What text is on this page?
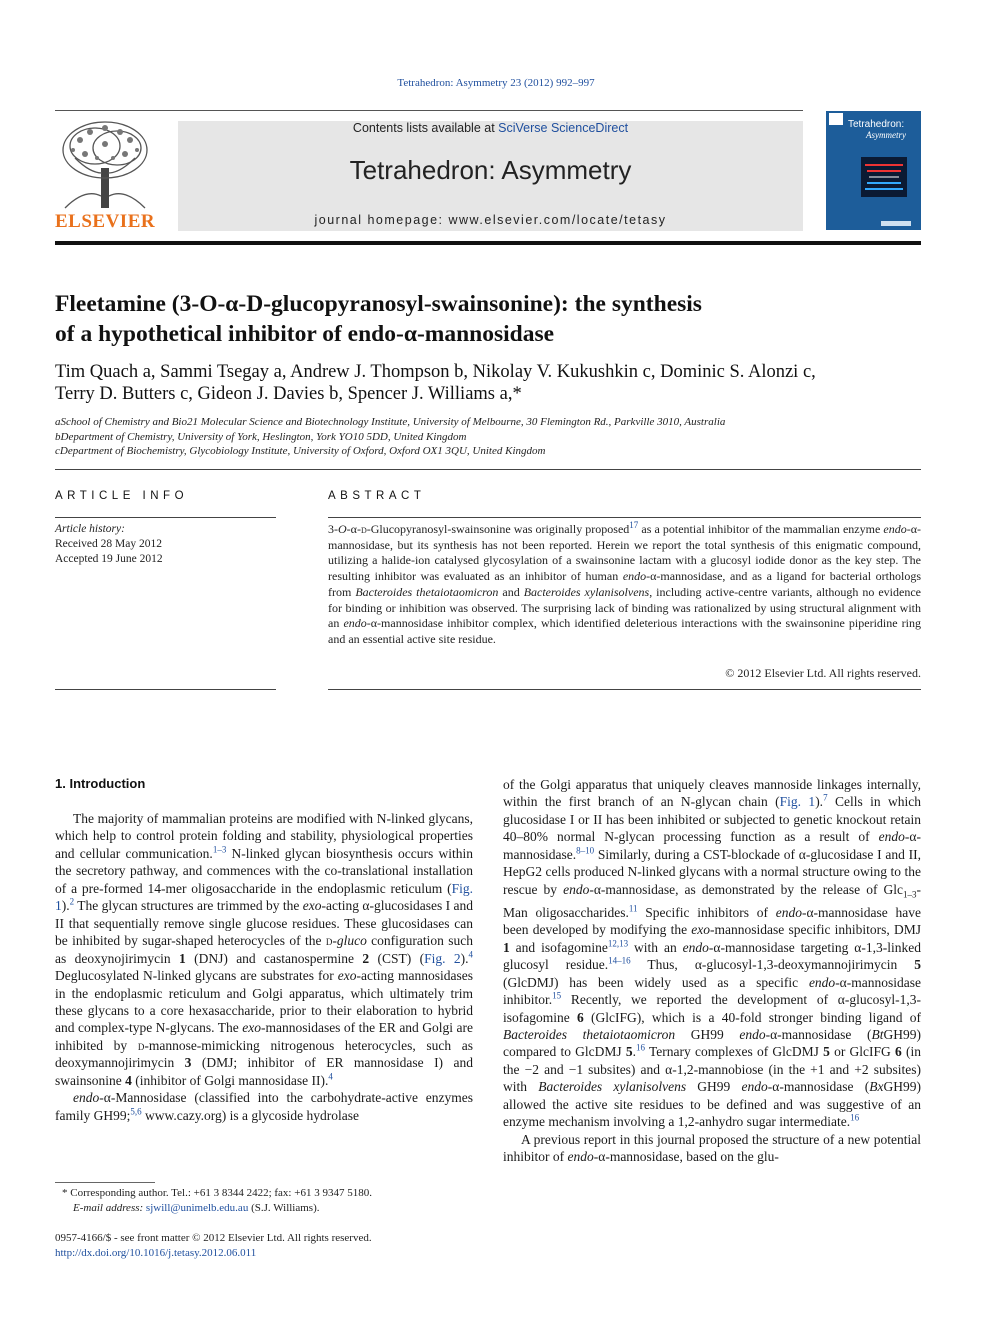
Tetrahedron: Asymmetry 23 (2012) 992–997
ELSEVIER
Contents lists available at SciVerse ScienceDirect
Tetrahedron: Asymmetry
journal homepage: www.elsevier.com/locate/tetasy
Tetrahedron:
Asymmetry
Fleetamine (3-O-α-D-glucopyranosyl-swainsonine): the synthesis
of a hypothetical inhibitor of endo-α-mannosidase
Tim Quach a, Sammi Tsegay a, Andrew J. Thompson b, Nikolay V. Kukushkin c, Dominic S. Alonzi c,
Terry D. Butters c, Gideon J. Davies b, Spencer J. Williams a,*
aSchool of Chemistry and Bio21 Molecular Science and Biotechnology Institute, University of Melbourne, 30 Flemington Rd., Parkville 3010, Australia
bDepartment of Chemistry, University of York, Heslington, York YO10 5DD, United Kingdom
cDepartment of Biochemistry, Glycobiology Institute, University of Oxford, Oxford OX1 3QU, United Kingdom
ARTICLE INFO	ABSTRACT
Article history:
Received 28 May 2012
Accepted 19 June 2012
3-O-α-d-Glucopyranosyl-swainsonine was originally proposed$^{17}$ as a potential inhibitor of the mammalian enzyme endo-α-mannosidase, but its synthesis has not been reported. Herein we report the total synthesis of this enigmatic compound, utilizing a halide-ion catalysed glycosylation of a swainsonine lactam with a glucosyl iodide donor as the key step. The resulting inhibitor was evaluated as an inhibitor of human endo-α-mannosidase, and as a ligand for bacterial orthologs from Bacteroides thetaiotaomicron and Bacteroides xylanisolvens, including active-centre variants, although no evidence for binding or inhibition was observed. The surprising lack of binding was rationalized by using structural alignment with an endo-α-mannosidase inhibitor complex, which identified deleterious interactions with the swainsonine piperidine ring and an essential active site residue.
© 2012 Elsevier Ltd. All rights reserved.
1. Introduction

The majority of mammalian proteins are modified with N-linked glycans, which help to control protein folding and stability, physiological properties and cellular communication.$^{1-3}$ N-linked glycan biosynthesis occurs within the secretory pathway, and commences with the co-translational installation of a pre-formed 14-mer oligosaccharide in the endoplasmic reticulum (Fig. 1).$^2$ The glycan structures are trimmed by the exo-acting α-glucosidases I and II that sequentially remove single glucose residues. These glucosidases can be inhibited by sugar-shaped heterocycles of the d-gluco configuration such as deoxynojirimycin 1 (DNJ) and castanospermine 2 (CST) (Fig. 2).$^4$ Deglucosylated N-linked glycans are substrates for exo-acting mannosidases in the endoplasmic reticulum and Golgi apparatus, which ultimately trim these glycans to a core hexasaccharide, prior to their elaboration to hybrid and complex-type N-glycans. The exo-mannosidases of the ER and Golgi are inhibited by d-mannose-mimicking nitrogenous heterocycles, such as deoxymannojirimycin 3 (DMJ; inhibitor of ER mannosidase I) and swainsonine 4 (inhibitor of Golgi mannosidase II).$^4$

endo-α-Mannosidase (classified into the carbohydrate-active enzymes family GH99;$^{5,6}$ www.cazy.org) is a glycoside hydrolase

of the Golgi apparatus that uniquely cleaves mannoside linkages internally, within the first branch of an N-glycan chain (Fig. 1).$^7$ Cells in which glucosidase I or II has been inhibited or subjected to genetic knockout retain 40–80% normal N-glycan processing function as a result of endo-α-mannosidase.$^{8-10}$ Similarly, during a CST-blockade of α-glucosidase I and II, HepG2 cells produced N-linked glycans with a normal structure owing to the rescue by endo-α-mannosidase, as demonstrated by the release of Glc$_{1-3}$-Man oligosaccharides.$^{11}$ Specific inhibitors of endo-α-mannosidase have been developed by modifying the exo-mannosidase specific inhibitors, DMJ 1 and isofagomine$^{12,13}$ with an endo-α-mannosidase targeting α-1,3-linked glucosyl residue.$^{14-16}$ Thus, α-glucosyl-1,3-deoxymannojirimycin 5 (GlcDMJ) has been widely used as a specific endo-α-mannosidase inhibitor.$^{15}$ Recently, we reported the development of α-glucosyl-1,3-isofagomine 6 (GlcIFG), which is a 40-fold stronger binding ligand of Bacteroides thetaiotaomicron GH99 endo-α-mannosidase (BtGH99) compared to GlcDMJ 5.16 Ternary complexes of GlcDMJ 5 or GlcIFG 6 (in the −2 and −1 subsites) and α-1,2-mannobiose (in the +1 and +2 subsites) with Bacteroides xylanisolvens GH99 endo-α-mannosidase (BxGH99) allowed the active site residues to be defined and was suggestive of an enzyme mechanism involving a 1,2-anhydro sugar intermediate.$^{16}$

A previous report in this journal proposed the structure of a new potential inhibitor of endo-α-mannosidase, based on the glu-

* Corresponding author. Tel.: +61 3 8344 2422; fax: +61 3 9347 5180.
E-mail address: sjwill@unimelb.edu.au (S.J. Williams).
0957-4166/$ - see front matter © 2012 Elsevier Ltd. All rights reserved.
http://dx.doi.org/10.1016/j.tetasy.2012.06.011
